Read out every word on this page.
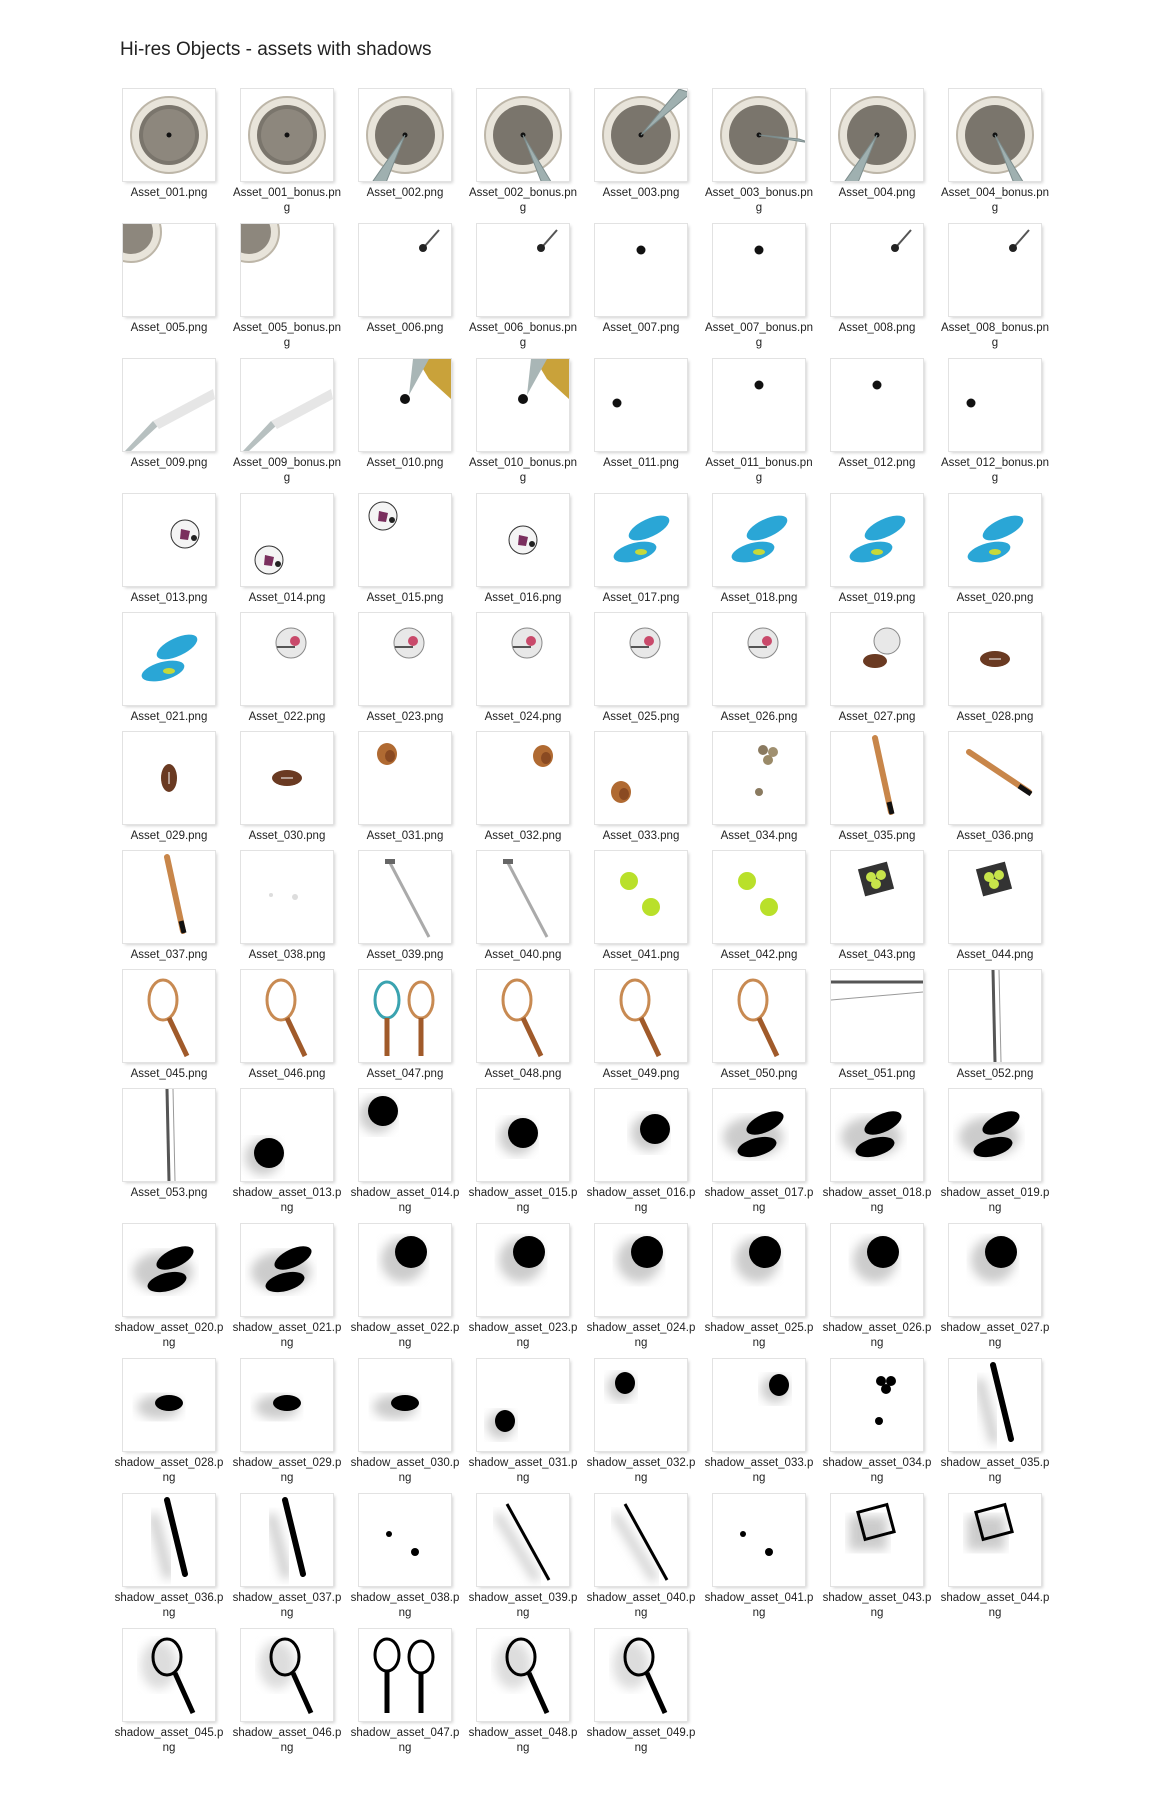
Hi-res Objects - assets with shadows
Asset_001.png	Asset_001_bonus.png
Asset_002.png	Asset_002_bonus.png
Asset_003.png	Asset_003_bonus.png
Asset_004.png	Asset_004_bonus.png
Asset_005.png	Asset_005_bonus.png
Asset_006.png	Asset_006_bonus.png
Asset_007.png	Asset_007_bonus.png
Asset_008.png	Asset_008_bonus.png
Asset_009.png	Asset_009_bonus.png
Asset_010.png	Asset_010_bonus.png
Asset_011.png	Asset_011_bonus.png
Asset_012.png	Asset_012_bonus.png
Asset_013.png	Asset_014.png	Asset_015.png	Asset_016.png	Asset_017.png	Asset_018.png	Asset_019.png	Asset_020.png
Asset_021.png	Asset_022.png	Asset_023.png	Asset_024.png	Asset_025.png	Asset_026.png	Asset_027.png	Asset_028.png
Asset_029.png	Asset_030.png	Asset_031.png	Asset_032.png	Asset_033.png	Asset_034.png	Asset_035.png	Asset_036.png
Asset_037.png	Asset_038.png	Asset_039.png	Asset_040.png	Asset_041.png	Asset_042.png	Asset_043.png	Asset_044.png
Asset_045.png	Asset_046.png	Asset_047.png	Asset_048.png	Asset_049.png	Asset_050.png	Asset_051.png	Asset_052.png
Asset_053.png	shadow_asset_013.png
shadow_asset_014.png
shadow_asset_015.png
shadow_asset_016.png
shadow_asset_017.png
shadow_asset_018.png
shadow_asset_019.png
shadow_asset_020.png
shadow_asset_021.png
shadow_asset_022.png
shadow_asset_023.png
shadow_asset_024.png
shadow_asset_025.png
shadow_asset_026.png
shadow_asset_027.png
shadow_asset_028.png
shadow_asset_029.png
shadow_asset_030.png
shadow_asset_031.png
shadow_asset_032.png
shadow_asset_033.png
shadow_asset_034.png
shadow_asset_035.png
shadow_asset_036.png
shadow_asset_037.png
shadow_asset_038.png
shadow_asset_039.png
shadow_asset_040.png
shadow_asset_041.png
shadow_asset_043.png
shadow_asset_044.png
shadow_asset_045.png
shadow_asset_046.png
shadow_asset_047.png
shadow_asset_048.png
shadow_asset_049.png
